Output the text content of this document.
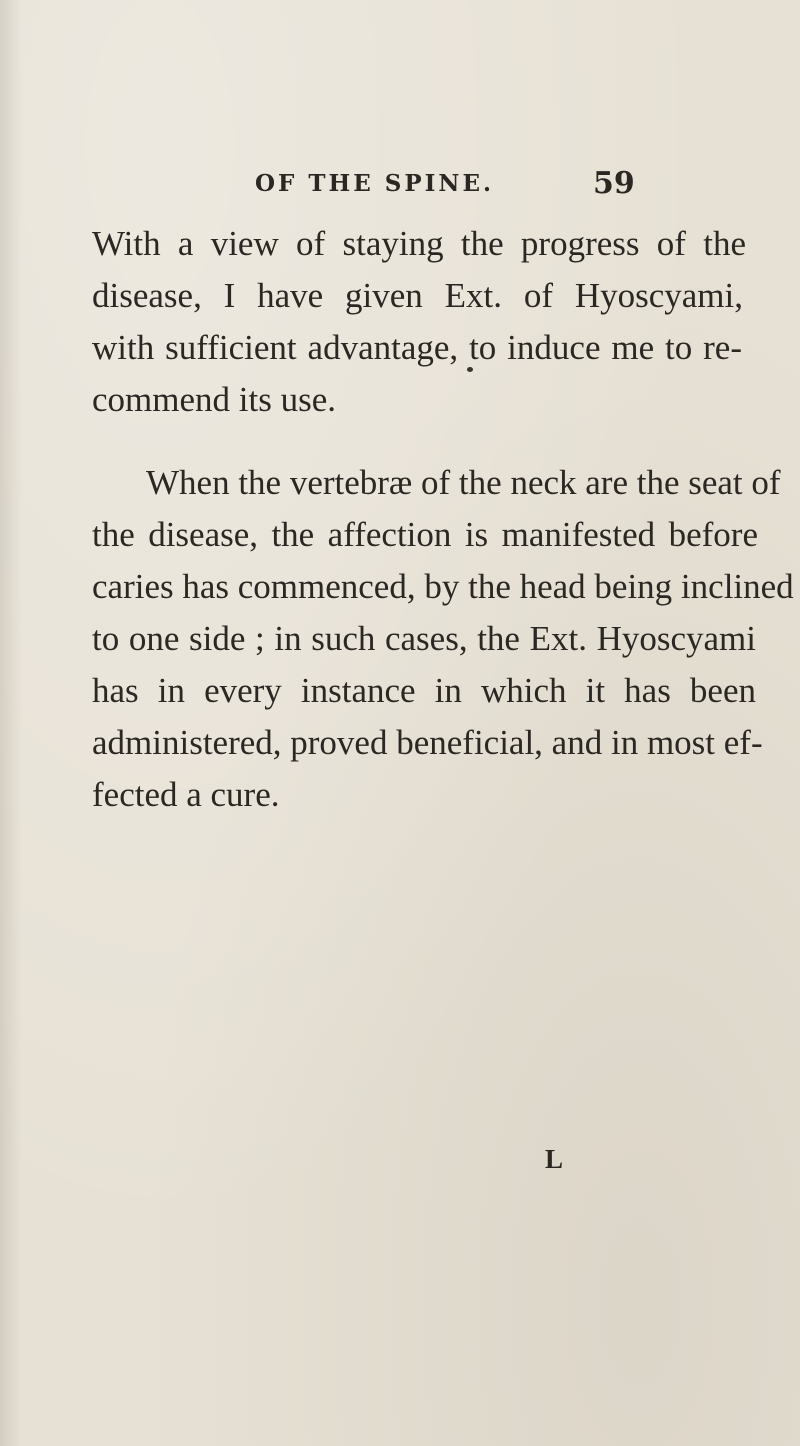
OF THE SPINE.	59
With a view of staying the progress of the
disease, I have given Ext. of Hyoscyami,
with sufficient advantage, to induce me to re-
commend its use.
When the vertebræ of the neck are the seat of
the disease, the affection is manifested before
caries has commenced, by the head being inclined
to one side ; in such cases, the Ext. Hyoscyami
has in every instance in which it has been
administered, proved beneficial, and in most ef-
fected a cure.
L
